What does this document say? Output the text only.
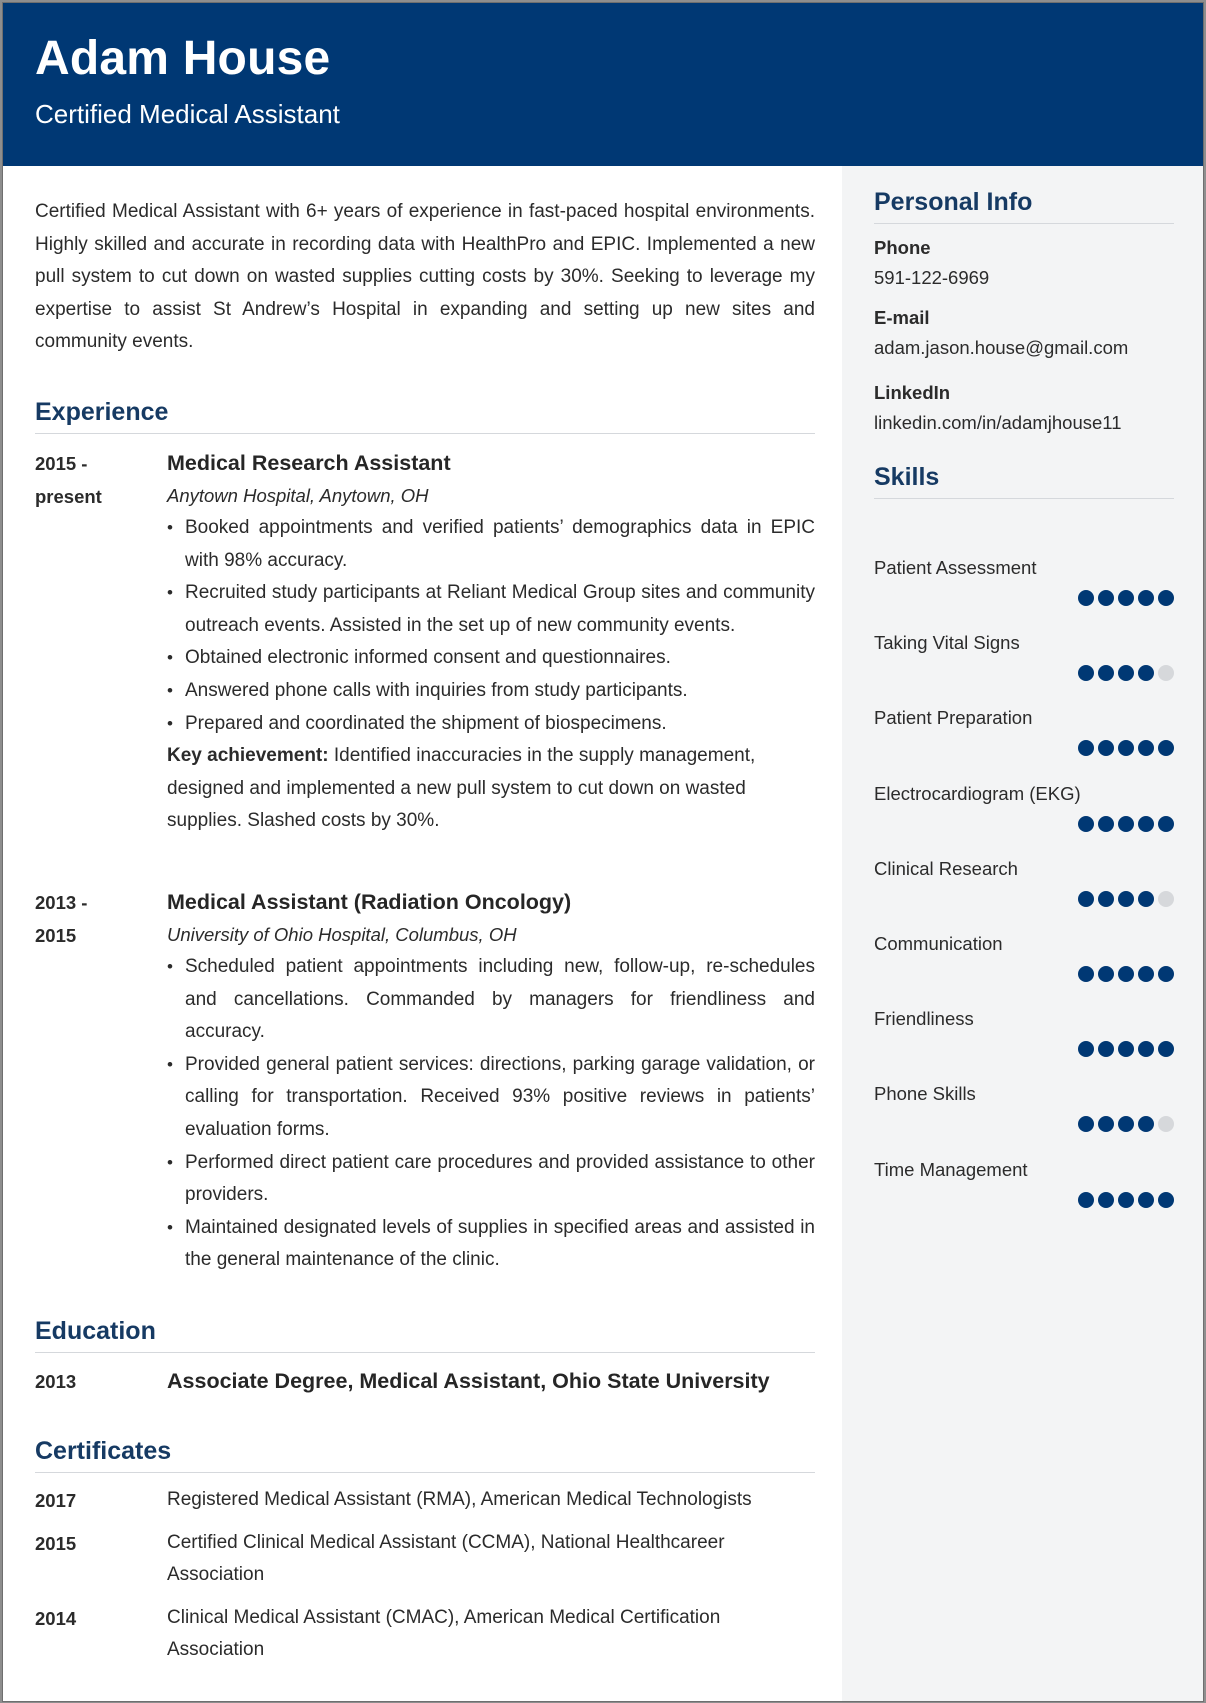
Adam House
Certified Medical Assistant
Personal Info
Phone
591-122-6969
E-mail
adam.jason.house@gmail.com
LinkedIn
linkedin.com/in/adamjhouse11
Skills
Patient Assessment
Taking Vital Signs
Patient Preparation
Electrocardiogram (EKG)
Clinical Research
Communication
Friendliness
Phone Skills
Time Management
Certified Medical Assistant with 6+ years of experience in fast-paced hospital environments. Highly skilled and accurate in recording data with HealthPro and EPIC. Implemented a new pull system to cut down on wasted supplies cutting costs by 30%. Seeking to leverage my expertise to assist St Andrew’s Hospital in expanding and setting up new sites and community events.
Experience
2015 -
present
Medical Research Assistant
Anytown Hospital, Anytown, OH
• Booked appointments and verified patients’ demographics data in EPIC with 98% accuracy.
• Recruited study participants at Reliant Medical Group sites and community outreach events. Assisted in the set up of new community events.
• Obtained electronic informed consent and questionnaires.
• Answered phone calls with inquiries from study participants.
• Prepared and coordinated the shipment of biospecimens.
Key achievement: Identified inaccuracies in the supply management, designed and implemented a new pull system to cut down on wasted supplies. Slashed costs by 30%.
2013 -
2015
Medical Assistant (Radiation Oncology)
University of Ohio Hospital, Columbus, OH
• Scheduled patient appointments including new, follow-up, re-schedules and cancellations. Commanded by managers for friendliness and accuracy.
• Provided general patient services: directions, parking garage validation, or calling for transportation. Received 93% positive reviews in patients’ evaluation forms.
• Performed direct patient care procedures and provided assistance to other providers.
• Maintained designated levels of supplies in specified areas and assisted in the general maintenance of the clinic.
Education
2013	Associate Degree, Medical Assistant, Ohio State University
Certificates
2017	Registered Medical Assistant (RMA), American Medical Technologists
2015	Certified Clinical Medical Assistant (CCMA), National Healthcareer Association
2014	Clinical Medical Assistant (CMAC), American Medical Certification Association
